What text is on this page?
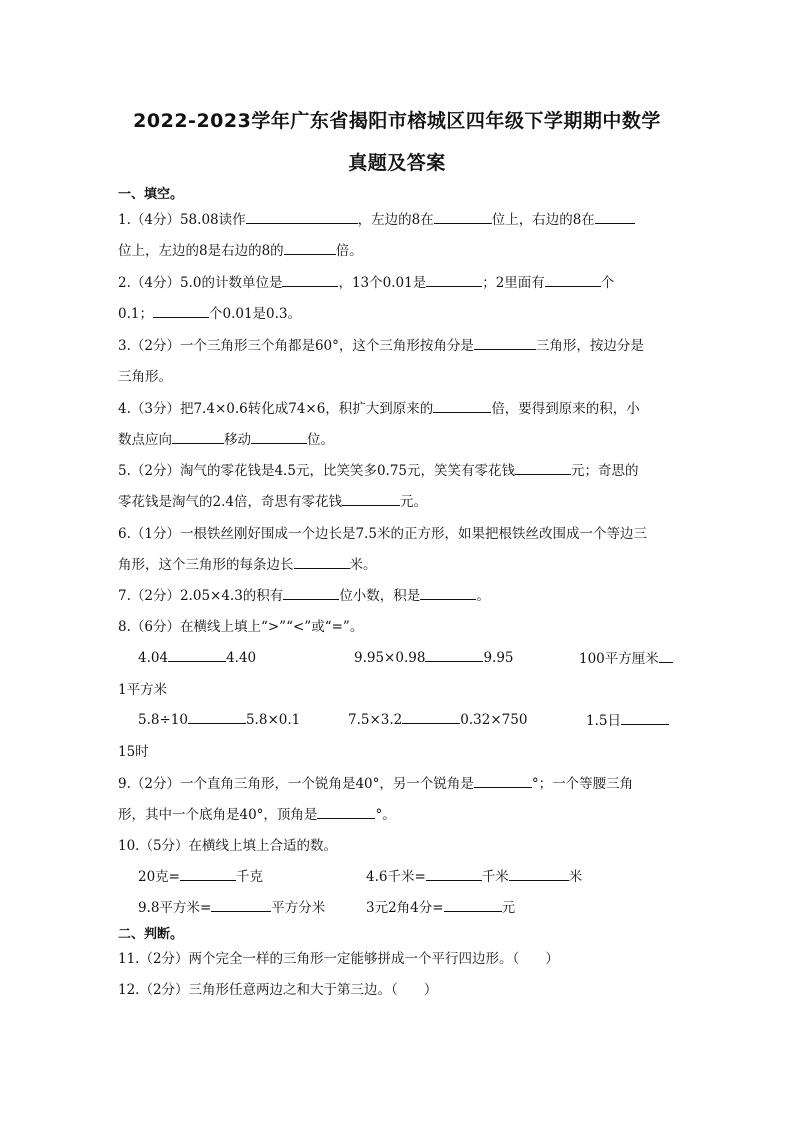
2022-2023学年广东省揭阳市榕城区四年级下学期期中数学
真题及答案
一、填空。
1.（4分）58.08读作	，左边的8在	位上，右边的8在
位上，左边的8是右边的8的	倍。
2.（4分）5.0的计数单位是	，13个0.01是	；2里面有	个
0.1；	个0.01是0.3。
3.（2分）一个三角形三个角都是60°，这个三角形按角分是	三角形，按边分是
三角形。
4.（3分）把7.4×0.6转化成74×6，积扩大到原来的	倍，要得到原来的积，小
数点应向	移动	位。
5.（2分）淘气的零花钱是4.5元，比笑笑多0.75元，笑笑有零花钱	元；奇思的
零花钱是淘气的2.4倍，奇思有零花钱	元。
6.（1分）一根铁丝刚好围成一个边长是7.5米的正方形，如果把根铁丝改围成一个等边三
角形，这个三角形的每条边长	米。
7.（2分）2.05×4.3的积有	位小数，积是	。
8.（6分）在横线上填上“>”“<”或“=”。
4.04	4.40	9.95×0.98	9.95	100平方厘米
1平方米
5.8÷10	5.8×0.1	7.5×3.2	0.32×750	1.5日
15时
9.（2分）一个直角三角形，一个锐角是40°，另一个锐角是	°；一个等腰三角
形，其中一个底角是40°，顶角是	°。
10.（5分）在横线上填上合适的数。
20克=	千克	4.6千米=	千米	米
9.8平方米=	平方分米	3元2角4分=	元
二、判断。
11.（2分）两个完全一样的三角形一定能够拼成一个平行四边形。（ ）
12.（2分）三角形任意两边之和大于第三边。（ ）
